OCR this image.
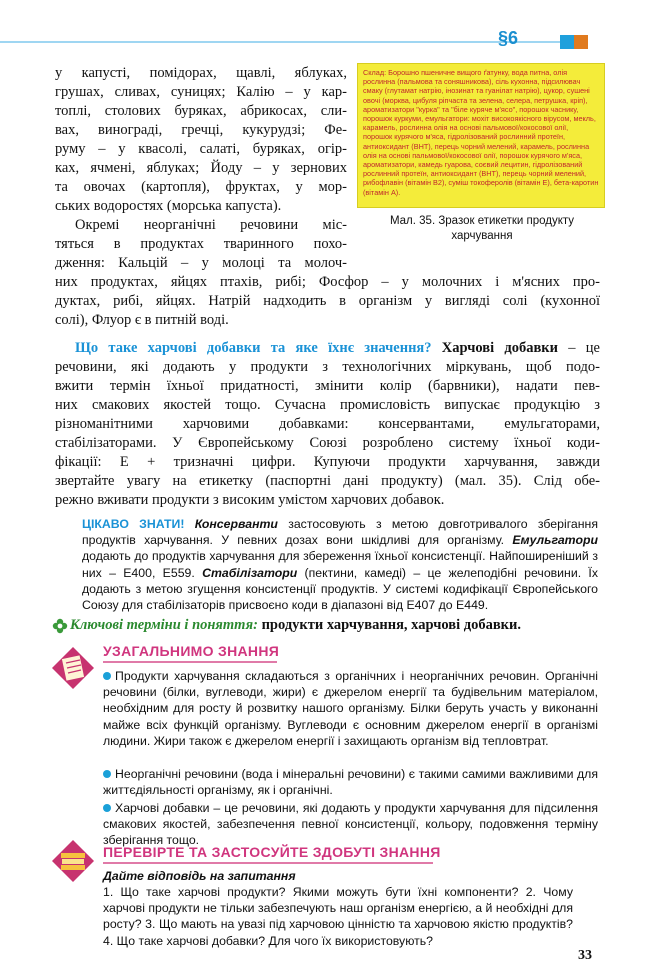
§6
Склад: Борошно пшеничне вищого ґатунку, вода питна, олія рослинна (пальмова та соняшникова), сіль кухонна, підсилювач смаку (глутамат натрію, інозинат та гуанілат натрію), цукор, сушені овочі (морква, цибуля ріпчаста та зелена, селера, петрушка, кріп), ароматизатори "курка" та "біле куряче м'ясо", порошок часнику, порошок куркуми, емульгатори: мохіт високоякісного вірусом, мекль, карамель, рослинна олія на основі пальмової/кокосової олії, порошок курячого м'яса, гідролізований рослинний протеїн, антиоксидант (ВНТ), перець чорний мелений, карамель, рослинна олія на основі пальмової/кокосової олії, порошок курячого м'яса, ароматизатори, камедь гуарова, соєвий лецитин, гідролізований рослинний протеїн, антиоксидант (ВНТ), перець чорний мелений, рибофлавін (вітамін В2), суміш токоферолів (вітамін Е), бета-каротин (вітамін А).
Мал. 35. Зразок етикетки продукту харчування
у капусті, помідорах, щавлі, яблуках,
грушах, сливах, суницях; Калію – у кар-
топлі, столових буряках, абрикосах, сли-
вах, винограді, гречці, кукурудзі; Фе-
руму – у квасолі, салаті, буряках, огір-
ках, ячмені, яблуках; Йоду – у зернових
та овочах (картопля), фруктах, у мор-
ських водоростях (морська капуста).
Окремі неорганічні речовини міс-
тяться в продуктах тваринного похо-
дження: Кальцій – у молоці та молоч-
них продуктах, яйцях птахів, рибі; Фосфор – у молочних і м'ясних про-
дуктах, рибі, яйцях. Натрій надходить в організм у вигляді солі (кухонної
солі), Флуор є в питній воді.
Що таке харчові добавки та яке їхнє значення? Харчові добавки – це
речовини, які додають у продукти з технологічних міркувань, щоб подо-
вжити термін їхньої придатності, змінити колір (барвники), надати пев-
них смакових якостей тощо. Сучасна промисловість випускає продукцію з
різноманітними харчовими добавками: консервантами, емульгаторами,
стабілізаторами. У Європейському Союзі розроблено систему їхньої коди-
фікації: Е + тризначні цифри. Купуючи продукти харчування, завжди
звертайте увагу на етикетку (паспортні дані продукту) (мал. 35). Слід обе-
режно вживати продукти з високим умістом харчових добавок.
ЦІКАВО ЗНАТИ! Консерванти застосовують з метою довготривалого зберігання продуктів харчування. У певних дозах вони шкідливі для організму. Емульгатори додають до продуктів харчування для збереження їхньої консистенції. Найпоширеніший з них – Е400, Е559. Стабілізатори (пектини, камеді) – це желеподібні речовини. Їх додають з метою згущення консистенції продуктів. У системі кодифікації Європейського Союзу для стабілізаторів присвоєно коди в діапазоні від Е407 до Е449.
Ключові терміни і поняття: продукти харчування, харчові добавки.
УЗАГАЛЬНИМО ЗНАННЯ
Продукти харчування складаються з органічних і неорганічних речовин. Органічні речовини (білки, вуглеводи, жири) є джерелом енергії та будівельним матеріалом, необхідним для росту й розвитку нашого організму. Білки беруть участь у виконанні майже всіх функцій організму. Вуглеводи є основним джерелом енергії в організмі людини. Жири також є джерелом енергії і захищають організм від тепловтрат.
Неорганічні речовини (вода і мінеральні речовини) є такими самими важливими для життєдіяльності організму, як і органічні.
Харчові добавки – це речовини, які додають у продукти харчування для підсилення смакових якостей, забезпечення певної консистенції, кольору, подовження терміну зберігання тощо.
ПЕРЕВІРТЕ ТА ЗАСТОСУЙТЕ ЗДОБУТІ ЗНАННЯ
Дайте відповідь на запитання
1. Що таке харчові продукти? Якими можуть бути їхні компоненти? 2. Чому харчові продукти не тільки забезпечують наш організм енергією, а й необхідні для росту? 3. Що мають на увазі під харчовою цінністю та харчовою якістю продуктів? 4. Що таке харчові добавки? Для чого їх використовують?
33
